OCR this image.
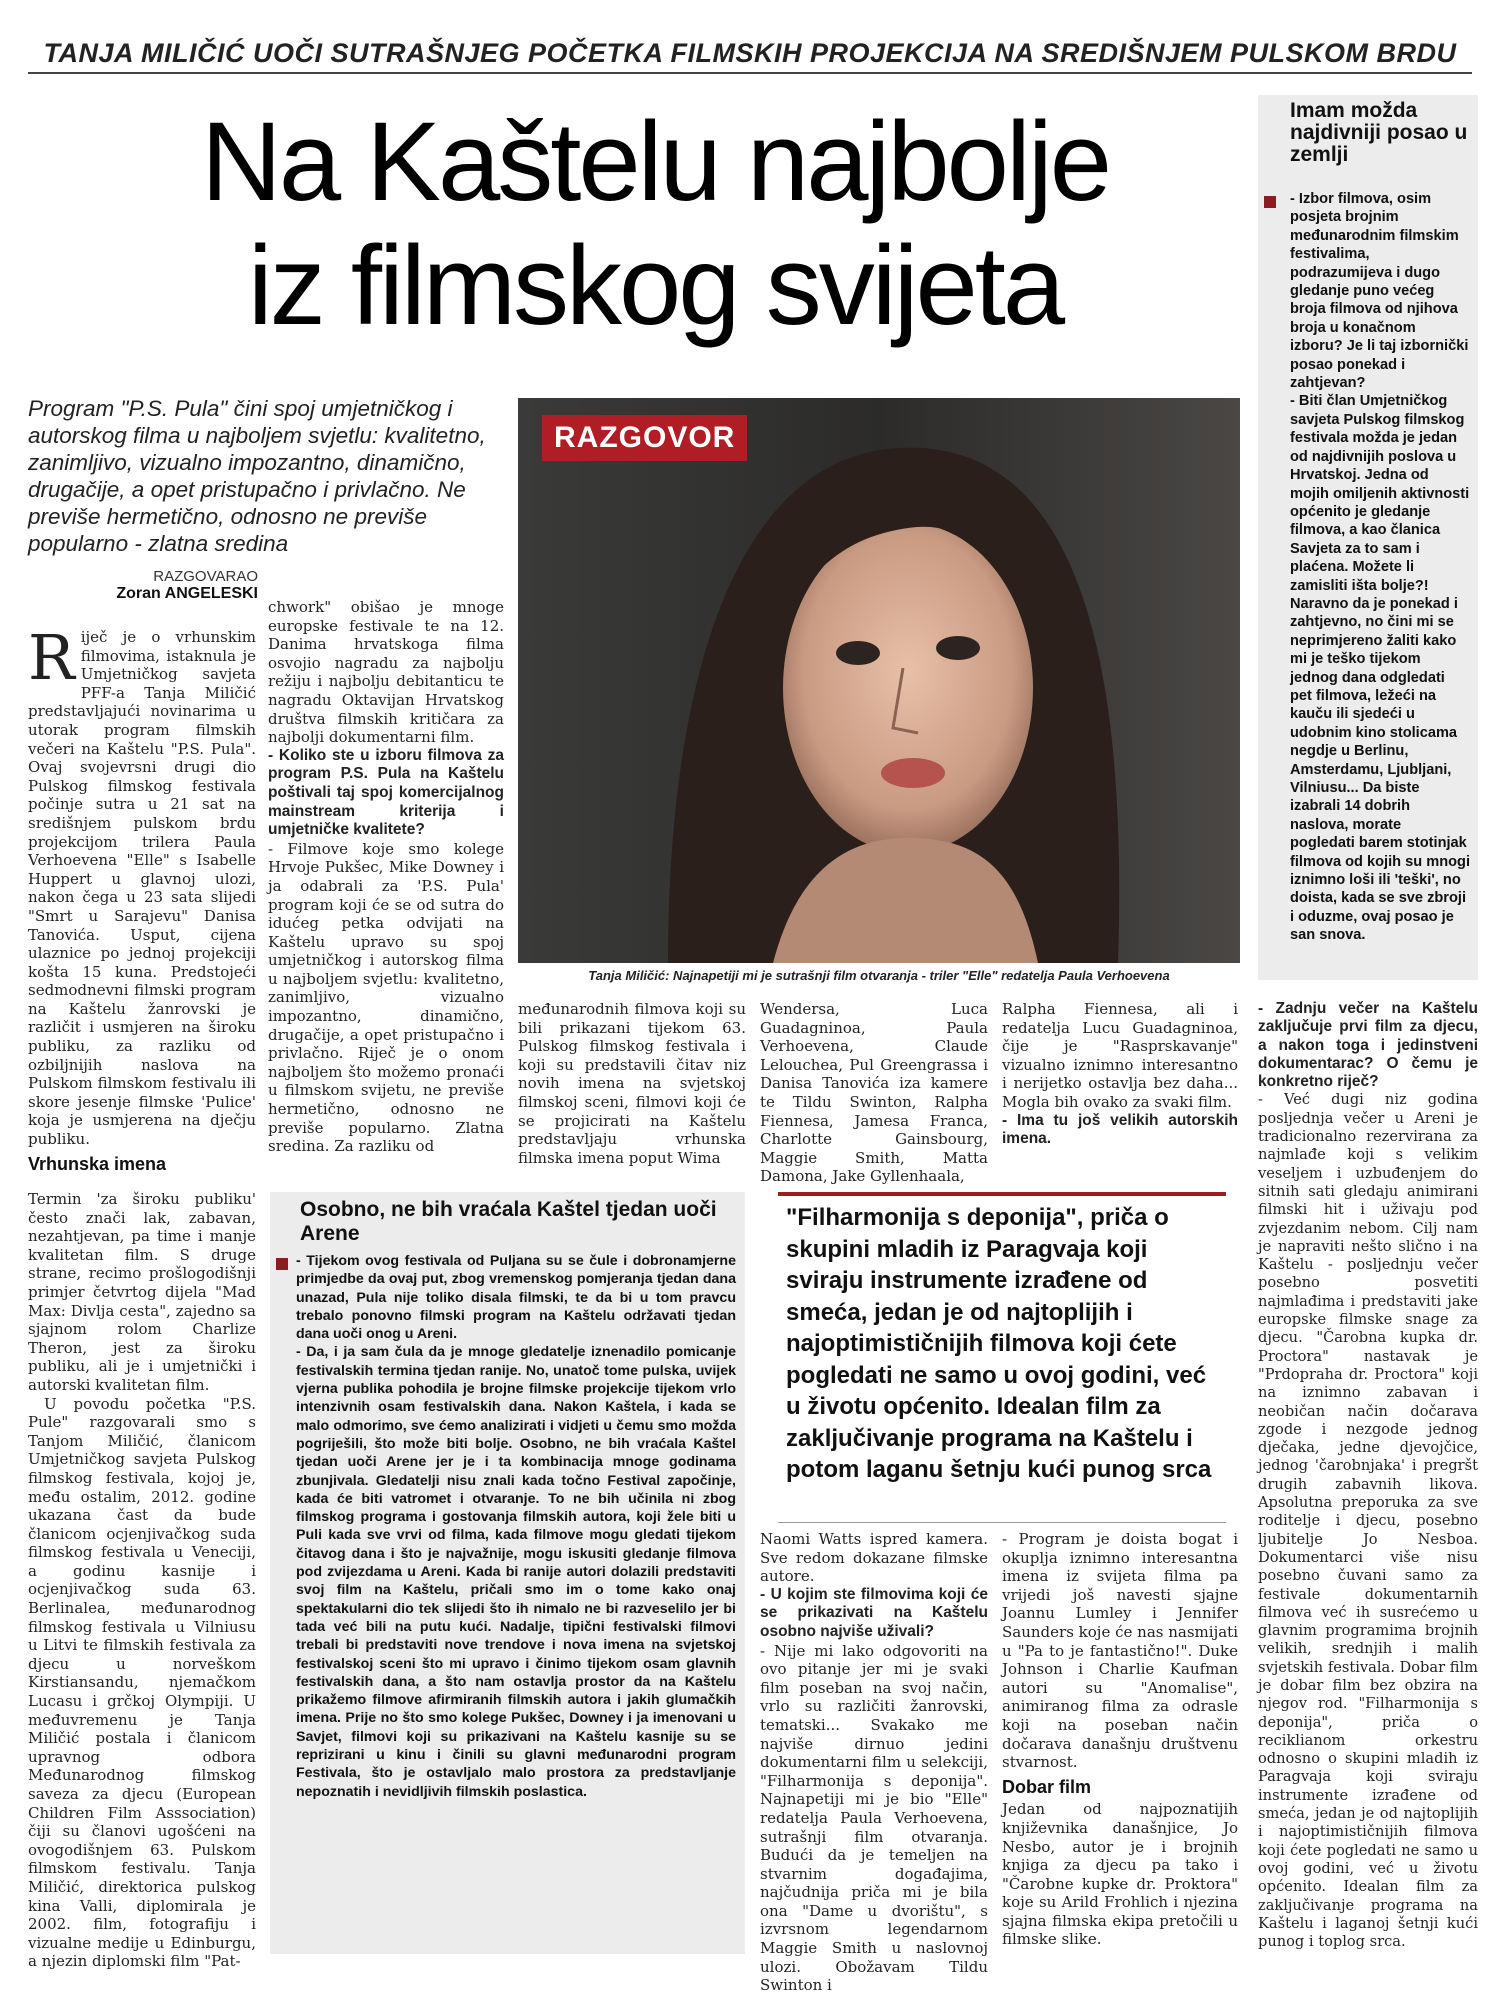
TANJA MILIČIĆ UOČI SUTRAŠNJEG POČETKA FILMSKIH PROJEKCIJA NA SREDIŠNJEM PULSKOM BRDU
Na Kaštelu najbolje
iz filmskog svijeta
Program "P.S. Pula" čini spoj umjetničkog i autorskog filma u najboljem svjetlu: kvalitetno, zanimljivo, vizualno impozantno, dinamično, drugačije, a opet pristupačno i privlačno. Ne previše hermetično, odnosno ne previše popularno - zlatna sredina
RAZGOVOR
Tanja Miličić: Najnapetiji mi je sutrašnji film otvaranja - triler "Elle" redatelja Paula Verhoevena
RAZGOVARAO
Zoran ANGELESKI
R iječ je o vrhunskim filmovima, istaknula je Umjetničkog savjeta PFF-a Tanja Miličić predstavljajući novinarima u utorak program filmskih večeri na Kaštelu "P.S. Pula". Ovaj svojevrsni drugi dio Pulskog filmskog festivala počinje sutra u 21 sat na središnjem pulskom brdu projekcijom trilera Paula Verhoevena "Elle" s Isabelle Huppert u glavnoj ulozi, nakon čega u 23 sata slijedi "Smrt u Sarajevu" Danisa Tanovića. Usput, cijena ulaznice po jednoj projekciji košta 15 kuna. Predstojeći sedmodnevni filmski program na Kaštelu žanrovski je različit i usmjeren na široku publiku, za razliku od ozbiljnijih naslova na Pulskom filmskom festivalu ili skore jesenje filmske 'Pulice' koja je usmjerena na dječju publiku.

Vrhunska imena

Termin 'za široku publiku' često znači lak, zabavan, nezahtjevan, pa time i manje kvalitetan film. S druge strane, recimo prošlogodišnji primjer četvrtog dijela "Mad Max: Divlja cesta", zajedno sa sjajnom rolom Charlize Theron, jest za široku publiku, ali je i umjetnički i autorski kvalitetan film.

U povodu početka "P.S. Pule" razgovarali smo s Tanjom Miličić, članicom Umjetničkog savjeta Pulskog filmskog festivala, kojoj je, među ostalim, 2012. godine ukazana čast da bude članicom ocjenjivačkog suda filmskog festivala u Veneciji, a godinu kasnije i ocjenjivačkog suda 63. Berlinalea, međunarodnog filmskog festivala u Vilniusu u Litvi te filmskih festivala za djecu u norveškom Kirstiansandu, njemačkom Lucasu i grčkoj Olympiji. U međuvremenu je Tanja Miličić postala i članicom upravnog odbora Međunarodnog filmskog saveza za djecu (European Children Film Asssociation) čiji su članovi ugošćeni na ovogodišnjem 63. Pulskom filmskom festivalu. Tanja Miličić, direktorica pulskog kina Valli, diplomirala je 2002. film, fotografiju i vizualne medije u Edinburgu, a njezin diplomski film "Pat-

chwork" obišao je mnoge europske festivale te na 12. Danima hrvatskoga filma osvojio nagradu za najbolju režiju i najbolju debitanticu te nagradu Oktavijan Hrvatskog društva filmskih kritičara za najbolji dokumentarni film.

- Koliko ste u izboru filmova za program P.S. Pula na Kaštelu poštivali taj spoj komercijalnog mainstream kriterija i umjetničke kvalitete?

- Filmove koje smo kolege Hrvoje Pukšec, Mike Downey i ja odabrali za 'P.S. Pula' program koji će se od sutra do idućeg petka odvijati na Kaštelu upravo su spoj umjetničkog i autorskog filma u najboljem svjetlu: kvalitetno, zanimljivo, vizualno impozantno, dinamično, drugačije, a opet pristupačno i privlačno. Riječ je o onom najboljem što možemo pronaći u filmskom svijetu, ne previše hermetično, odnosno ne previše popularno. Zlatna sredina. Za razliku od

međunarodnih filmova koji su bili prikazani tijekom 63. Pulskog filmskog festivala i koji su predstavili čitav niz novih imena na svjetskoj filmskoj sceni, filmovi koji će se projicirati na Kaštelu predstavljaju vrhunska filmska imena poput Wima

Wendersa, Luca Guadagninoa, Paula Verhoevena, Claude Lelouchea, Pul Greengrassa i Danisa Tanovića iza kamere te Tildu Swinton, Ralpha Fiennesa, Jamesa Franca, Charlotte Gainsbourg, Maggie Smith, Matta Damona, Jake Gyllenhaala,

Ralpha Fiennesa, ali i redatelja Lucu Guadagninoa, čije je "Rasprskavanje" vizualno iznimno interesantno i nerijetko ostavlja bez daha... Mogla bih ovako za svaki film.

- Ima tu još velikih autorskih imena.

Imam možda najdivniji posao u zemlji

- Izbor filmova, osim posjeta brojnim međunarodnim filmskim festivalima, podrazumijeva i dugo gledanje puno većeg broja filmova od njihova broja u konačnom izboru? Je li taj izbornički posao ponekad i zahtjevan?

- Biti član Umjetničkog savjeta Pulskog filmskog festivala možda je jedan od najdivnijih poslova u Hrvatskoj. Jedna od mojih omiljenih aktivnosti općenito je gledanje filmova, a kao članica Savjeta za to sam i plaćena. Možete li zamisliti išta bolje?! Naravno da je ponekad i zahtjevno, no čini mi se neprimjereno žaliti kako mi je teško tijekom jednog dana odgledati pet filmova, ležeći na kauču ili sjedeći u udobnim kino stolicama negdje u Berlinu, Amsterdamu, Ljubljani, Vilniusu... Da biste izabrali 14 dobrih naslova, morate pogledati barem stotinjak filmova od kojih su mnogi iznimno loši ili 'teški', no doista, kada se sve zbroji i oduzme, ovaj posao je san snova.

- Zadnju večer na Kaštelu zaključuje prvi film za djecu, a nakon toga i jedinstveni dokumentarac? O čemu je konkretno riječ?

- Već dugi niz godina posljednja večer u Areni je tradicionalno rezervirana za najmlađe koji s velikim veseljem i uzbuđenjem do sitnih sati gledaju animirani filmski hit i uživaju pod zvjezdanim nebom. Cilj nam je napraviti nešto slično i na Kaštelu - posljednju večer posebno posvetiti najmlađima i predstaviti jake europske filmske snage za djecu. "Čarobna kupka dr. Proctora" nastavak je "Prdopraha dr. Proctora" koji na iznimno zabavan i neobičan način dočarava zgode i nezgode jednog dječaka, jedne djevojčice, jednog 'čarobnjaka' i pregršt drugih zabavnih likova. Apsolutna preporuka za sve roditelje i djecu, posebno ljubitelje Jo Nesboa. Dokumentarci više nisu posebno čuvani samo za festivale dokumentarnih filmova već ih susrećemo u glavnim programima brojnih velikih, srednjih i malih svjetskih festivala. Dobar film je dobar film bez obzira na njegov rod. "Filharmonija s deponija", priča o reciklianom orkestru odnosno o skupini mladih iz Paragvaja koji sviraju instrumente izrađene od smeća, jedan je od najtoplijih i najoptimističnijih filmova koji ćete pogledati ne samo u ovoj godini, već u životu općenito. Idealan film za zaključivanje programa na Kaštelu i laganoj šetnji kući punog i toplog srca.

Osobno, ne bih vraćala Kaštel tjedan uoči Arene

- Tijekom ovog festivala od Puljana su se čule i dobronamjerne primjedbe da ovaj put, zbog vremenskog pomjeranja tjedan dana unazad, Pula nije toliko disala filmski, te da bi u tom pravcu trebalo ponovno filmski program na Kaštelu održavati tjedan dana uoči onog u Areni.

- Da, i ja sam čula da je mnoge gledatelje iznenadilo pomicanje festivalskih termina tjedan ranije. No, unatoč tome pulska, uvijek vjerna publika pohodila je brojne filmske projekcije tijekom vrlo intenzivnih osam festivalskih dana. Nakon Kaštela, i kada se malo odmorimo, sve ćemo analizirati i vidjeti u čemu smo možda pogriješili, što može biti bolje. Osobno, ne bih vraćala Kaštel tjedan uoči Arene jer je i ta kombinacija mnoge godinama zbunjivala. Gledatelji nisu znali kada točno Festival započinje, kada će biti vatromet i otvaranje. To ne bih učinila ni zbog filmskog programa i gostovanja filmskih autora, koji žele biti u Puli kada sve vrvi od filma, kada filmove mogu gledati tijekom čitavog dana i što je najvažnije, mogu iskusiti gledanje filmova pod zvijezdama u Areni. Kada bi ranije autori dolazili predstaviti svoj film na Kaštelu, pričali smo im o tome kako onaj spektakularni dio tek slijedi što ih nimalo ne bi razveselilo jer bi tada već bili na putu kući. Nadalje, tipični festivalski filmovi trebali bi predstaviti nove trendove i nova imena na svjetskoj festivalskoj sceni što mi upravo i činimo tijekom osam glavnih festivalskih dana, a što nam ostavlja prostor da na Kaštelu prikažemo filmove afirmiranih filmskih autora i jakih glumačkih imena. Prije no što smo kolege Pukšec, Downey i ja imenovani u Savjet, filmovi koji su prikazivani na Kaštelu kasnije su se reprizirani u kinu i činili su glavni međunarodni program Festivala, što je ostavljalo malo prostora za predstavljanje nepoznatih i nevidljivih filmskih poslastica.

"Filharmonija s deponija", priča o skupini mladih iz Paragvaja koji sviraju instrumente izrađene od smeća, jedan je od najtoplijih i najoptimističnijih filmova koji ćete pogledati ne samo u ovoj godini, već u životu općenito. Idealan film za zaključivanje programa na Kaštelu i potom laganu šetnju kući punog srca

Naomi Watts ispred kamera. Sve redom dokazane filmske autore.

- U kojim ste filmovima koji će se prikazivati na Kaštelu osobno najviše uživali?

- Nije mi lako odgovoriti na ovo pitanje jer mi je svaki film poseban na svoj način, vrlo su različiti žanrovski, tematski... Svakako me najviše dirnuo jedini dokumentarni film u selekciji, "Filharmonija s deponija". Najnapetiji mi je bio "Elle" redatelja Paula Verhoevena, sutrašnji film otvaranja. Budući da je temeljen na stvarnim događajima, najčudnija priča mi je bila ona "Dame u dvorištu", s izvrsnom legendarnom Maggie Smith u naslovnoj ulozi. Obožavam Tildu Swinton i

- Program je doista bogat i okuplja iznimno interesantna imena iz svijeta filma pa vrijedi još navesti sjajne Joannu Lumley i Jennifer Saunders koje će nas nasmijati u "Pa to je fantastično!". Duke Johnson i Charlie Kaufman autori su "Anomalise", animiranog filma za odrasle koji na poseban način dočarava današnju društvenu stvarnost.

Dobar film

Jedan od najpoznatijih književnika današnjice, Jo Nesbo, autor je i brojnih knjiga za djecu pa tako i "Čarobne kupke dr. Proktora" koje su Arild Frohlich i njezina sjajna filmska ekipa pretočili u filmske slike.
